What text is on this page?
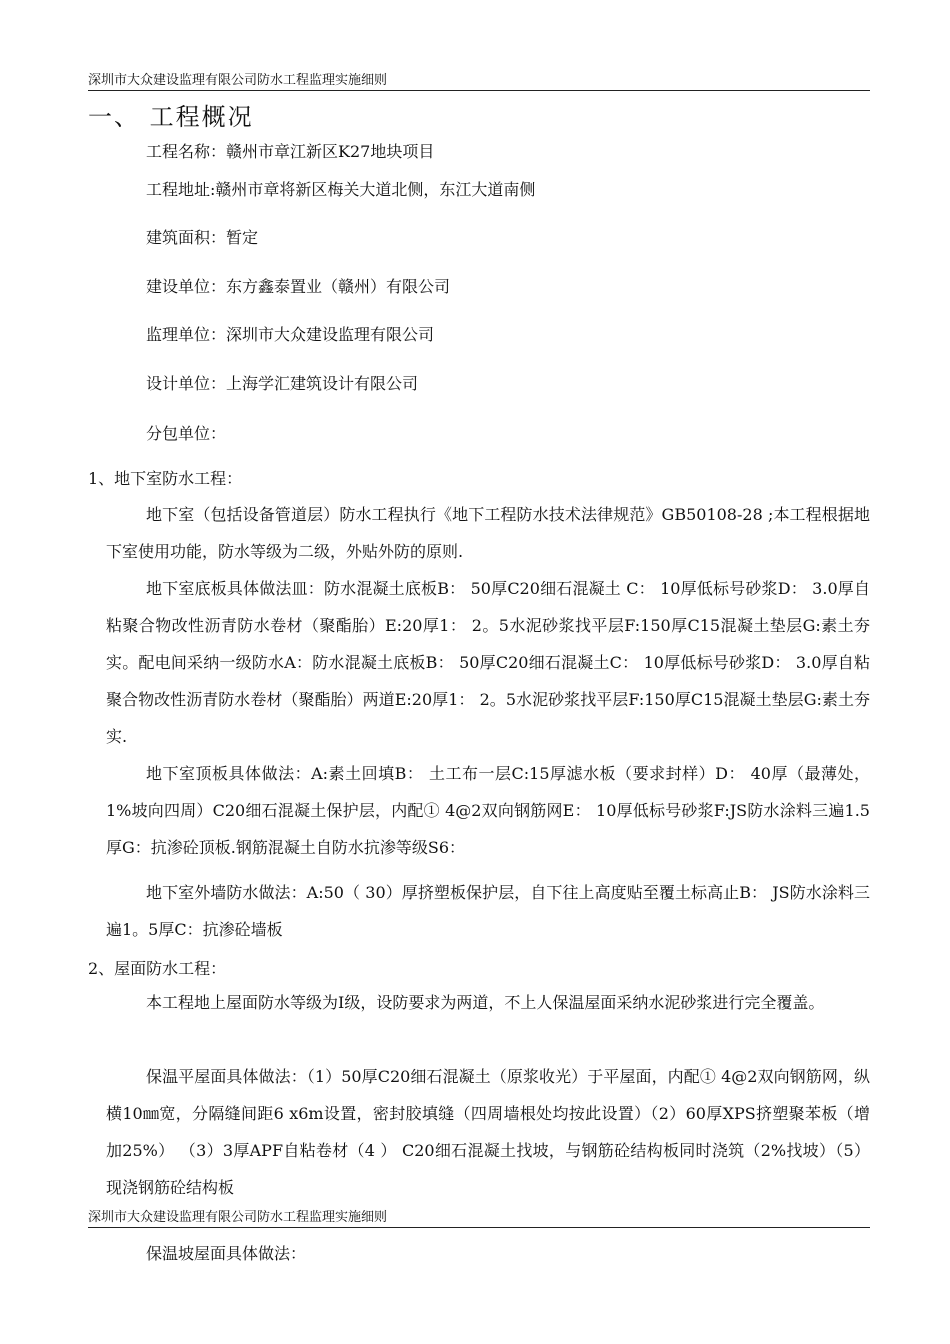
深圳市大众建设监理有限公司防水工程监理实施细则
一、 工程概况
工程名称：赣州市章江新区K27地块项目
工程地址:赣州市章将新区梅关大道北侧，东江大道南侧
建筑面积：暂定
建设单位：东方鑫泰置业（赣州）有限公司
监理单位：深圳市大众建设监理有限公司
设计单位：上海学汇建筑设计有限公司
分包单位：
1、地下室防水工程：
地下室（包括设备管道层）防水工程执行《地下工程防水技术法律规范》GB50108-28 ;本工程根据地下室使用功能，防水等级为二级，外贴外防的原则.
地下室底板具体做法皿：防水混凝土底板B： 50厚C20细石混凝土 C： 10厚低标号砂浆D： 3.0厚自粘聚合物改性沥青防水卷材（聚酯胎）E:20厚1： 2。5水泥砂浆找平层F:150厚C15混凝土垫层G:素土夯实。配电间采纳一级防水A：防水混凝土底板B： 50厚C20细石混凝土C： 10厚低标号砂浆D： 3.0厚自粘聚合物改性沥青防水卷材（聚酯胎）两道E:20厚1： 2。5水泥砂浆找平层F:150厚C15混凝土垫层G:素土夯实.
地下室顶板具体做法：A:素土回填B： 土工布一层C:15厚滤水板（要求封样）D： 40厚（最薄处，1%坡向四周）C20细石混凝土保护层，内配① 4@2双向钢筋网E： 10厚低标号砂浆F:JS防水涂料三遍1.5厚G：抗渗砼顶板.钢筋混凝土自防水抗渗等级S6：
地下室外墙防水做法：A:50（ 30）厚挤塑板保护层，自下往上高度贴至覆土标高止B： JS防水涂料三遍1。5厚C：抗渗砼墙板
2、屋面防水工程：
本工程地上屋面防水等级为Ⅰ级，设防要求为两道，不上人保温屋面采纳水泥砂浆进行完全覆盖。
保温平屋面具体做法：（1）50厚C20细石混凝土（原浆收光）于平屋面，内配① 4@2双向钢筋网，纵横10㎜宽，分隔缝间距6 x6m设置，密封胶填缝（四周墙根处均按此设置）（2）60厚XPS挤塑聚苯板（增加25%） （3）3厚APF自粘卷材（4 ） C20细石混凝土找坡，与钢筋砼结构板同时浇筑（2%找坡）（5）现浇钢筋砼结构板
深圳市大众建设监理有限公司防水工程监理实施细则
保温坡屋面具体做法：
